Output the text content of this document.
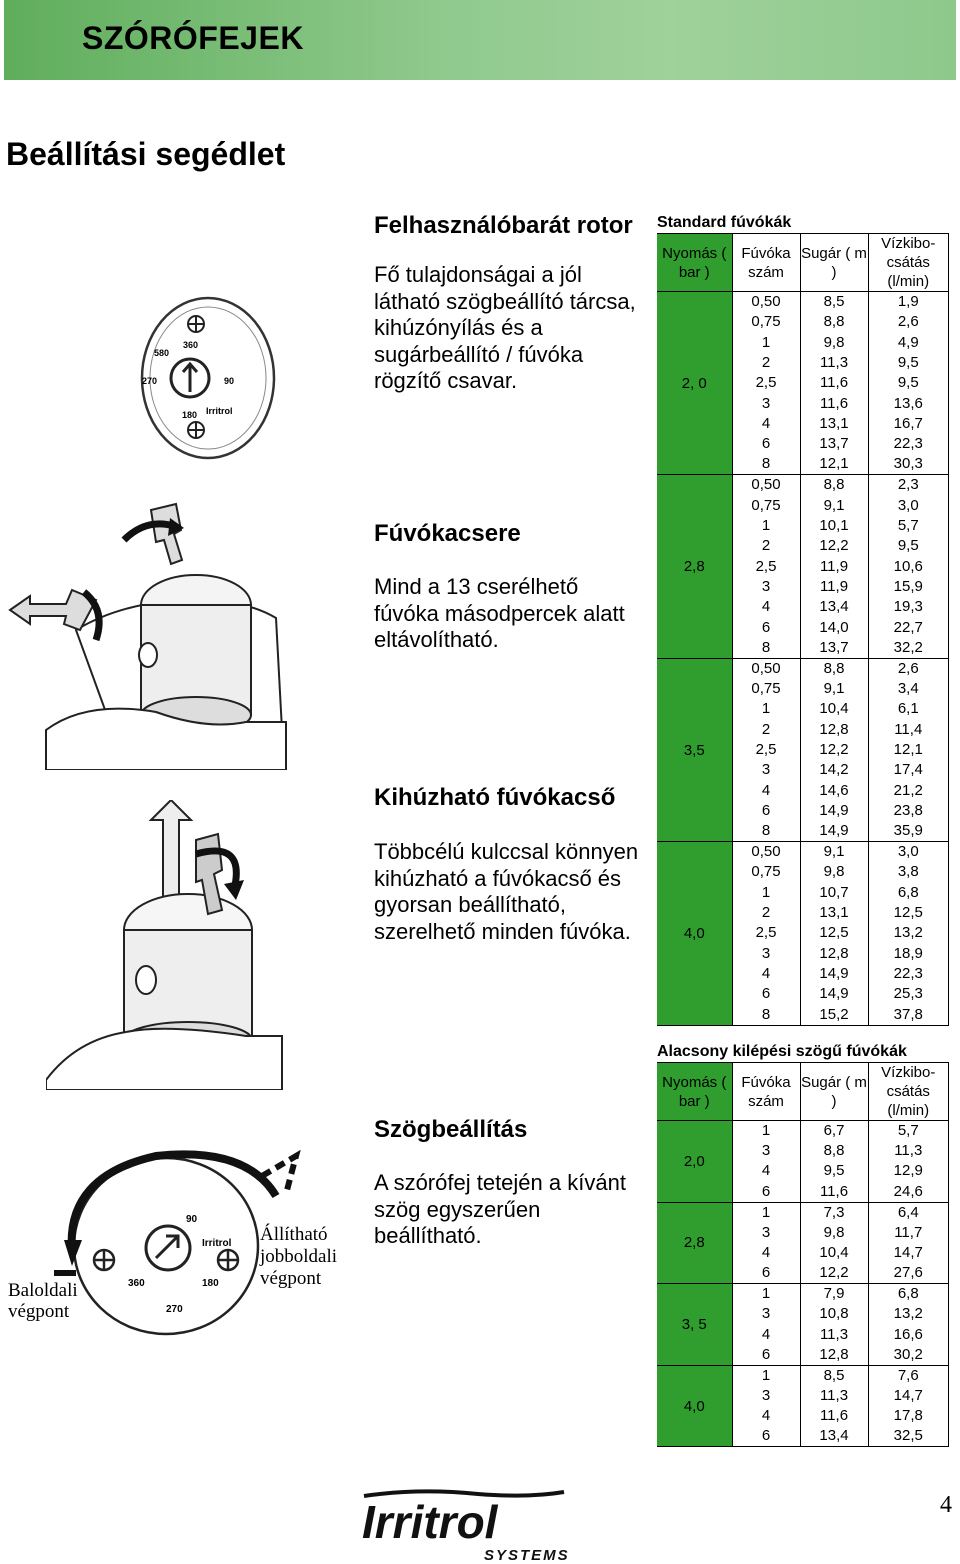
SZÓRÓFEJEK
Beállítási segédlet
Felhasználóbarát rotor
Fő tulajdonságai a jól látható szögbeállító tárcsa, kihúzónyílás és a sugárbeállító / fúvóka rögzítő csavar.
Fúvókacsere
Mind a 13 cserélhető fúvóka másodpercek alatt eltávolítható.
Kihúzható fúvókacső
Többcélú kulccsal könnyen kihúzható a fúvókacső és gyorsan beállítható, szerelhető minden fúvóka.
Szögbeállítás
A szórófej tetején a kívánt szög egyszerűen beállítható.
580
360
270	90
180 Irritrol
90
360
270
180
Irritrol
Baloldali végpont
Állítható jobboldali végpont
Standard fúvókák
Nyomás ( bar )	Fúvóka szám	Sugár ( m )	Vízkibo-csátás (l/min)
2, 0	0,50	8,5	1,9
	0,75	8,8	2,6
	1	9,8	4,9
	2	11,3	9,5
	2,5	11,6	9,5
	3	11,6	13,6
	4	13,1	16,7
	6	13,7	22,3
	8	12,1	30,3
2,8	0,50	8,8	2,3
	0,75	9,1	3,0
	1	10,1	5,7
	2	12,2	9,5
	2,5	11,9	10,6
	3	11,9	15,9
	4	13,4	19,3
	6	14,0	22,7
	8	13,7	32,2
3,5	0,50	8,8	2,6
	0,75	9,1	3,4
	1	10,4	6,1
	2	12,8	11,4
	2,5	12,2	12,1
	3	14,2	17,4
	4	14,6	21,2
	6	14,9	23,8
	8	14,9	35,9
4,0	0,50	9,1	3,0
	0,75	9,8	3,8
	1	10,7	6,8
	2	13,1	12,5
	2,5	12,5	13,2
	3	12,8	18,9
	4	14,9	22,3
	6	14,9	25,3
	8	15,2	37,8
Alacsony kilépési szögű fúvókák
Nyomás ( bar )	Fúvóka szám	Sugár ( m )	Vízkibo-csátás (l/min)
2,0	1	6,7	5,7
	3	8,8	11,3
	4	9,5	12,9
	6	11,6	24,6
2,8	1	7,3	6,4
	3	9,8	11,7
	4	10,4	14,7
	6	12,2	27,6
3, 5	1	7,9	6,8
	3	10,8	13,2
	4	11,3	16,6
	6	12,8	30,2
4,0	1	8,5	7,6
	3	11,3	14,7
	4	11,6	17,8
	6	13,4	32,5
Irritrol
SYSTEMS
4
